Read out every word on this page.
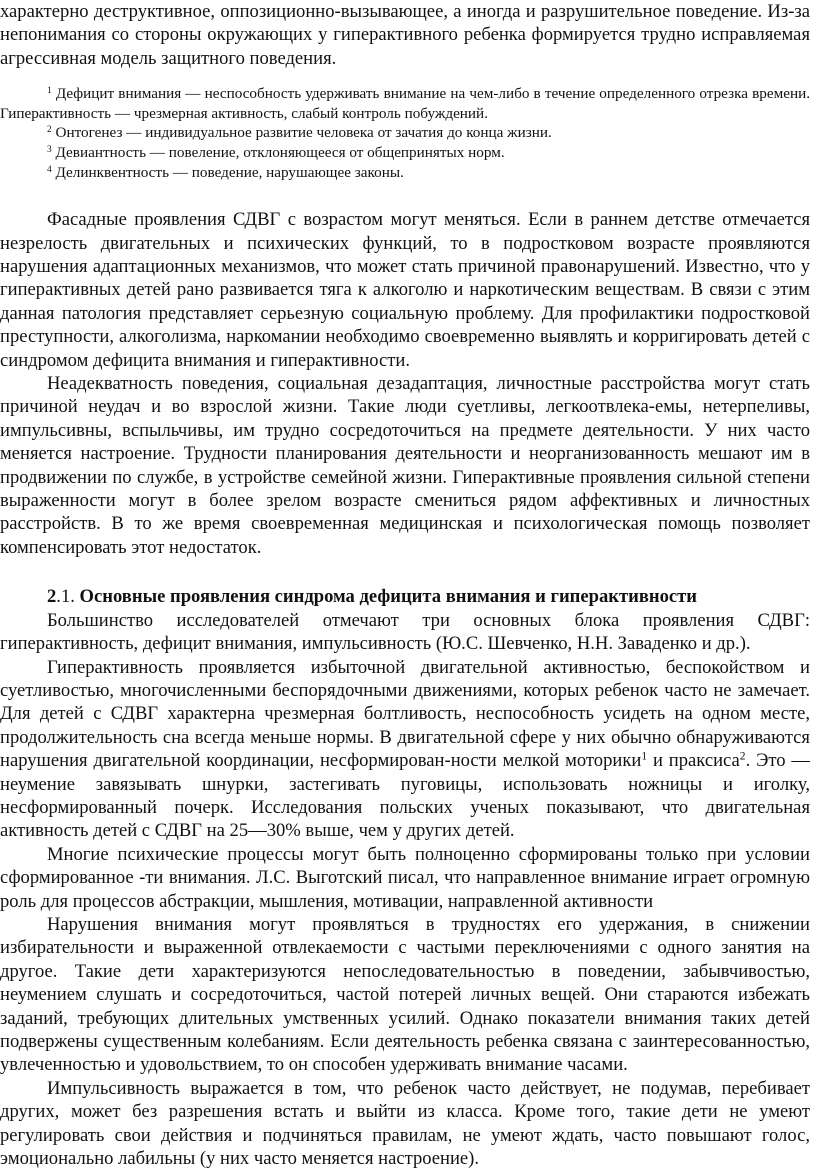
характерно деструктивное, оппозиционно-вызывающее, а иногда и разрушительное поведение. Из-за непонимания со стороны окружающих у гиперактивного ребенка формируется трудно исправляемая агрессивная модель защитного поведения.

$^1$ Дефицит внимания — неспособность удерживать внимание на чем-либо в течение определенного отрезка времени. Гиперактивность — чрезмерная активность, слабый контроль побуждений.

$^2$ Онтогенез — индивидуальное развитие человека от зачатия до конца жизни.

$^3$ Девиантность — повеление, отклоняющееся от общепринятых норм.

$^4$ Делинквентность — поведение, нарушающее законы.

Фасадные проявления СДВГ с возрастом могут меняться. Если в раннем детстве отмечается незрелость двигательных и психических функций, то в подростковом возрасте проявляются нарушения адаптационных механизмов, что может стать причиной правонарушений. Известно, что у гиперактивных детей рано развивается тяга к алкоголю и наркотическим веществам. В связи с этим данная патология представляет серьезную социальную проблему. Для профилактики подростковой преступности, алкоголизма, наркомании необходимо своевременно выявлять и корригировать детей с синдромом дефицита внимания и гиперактивности.

Неадекватность поведения, социальная дезадаптация, личностные расстройства могут стать причиной неудач и во взрослой жизни. Такие люди суетливы, легкоотвлека-емы, нетерпеливы, импульсивны, вспыльчивы, им трудно сосредоточиться на предмете деятельности. У них часто меняется настроение. Трудности планирования деятельности и неорганизованность мешают им в продвижении по службе, в устройстве семейной жизни. Гиперактивные проявления сильной степени выраженности могут в более зрелом возрасте смениться рядом аффективных и личностных расстройств. В то же время своевременная медицинская и психологическая помощь позволяет компенсировать этот недостаток.

2.1. Основные проявления синдрома дефицита внимания и гиперактивности

Большинство исследователей отмечают три основных блока проявления СДВГ: гиперактивность, дефицит внимания, импульсивность (Ю.С. Шевченко, Н.Н. Заваденко и др.).

Гиперактивность проявляется избыточной двигательной активностью, беспокойством и суетливостью, многочисленными беспорядочными движениями, которых ребенок часто не замечает. Для детей с СДВГ характерна чрезмерная болтливость, неспособность усидеть на одном месте, продолжительность сна всегда меньше нормы. В двигательной сфере у них обычно обнаруживаются нарушения двигательной координации, несформирован-ности мелкой моторики$^1$ и праксиса$^2$. Это — неумение завязывать шнурки, застегивать пуговицы, использовать ножницы и иголку, несформированный почерк. Исследования польских ученых показывают, что двигательная активность детей с СДВГ на 25—30% выше, чем у других детей.

Многие психические процессы могут быть полноценно сформированы только при условии сформированное -ти внимания. Л.С. Выготский писал, что направленное внимание играет огромную роль для процессов абстракции, мышления, мотивации, направленной активности

Нарушения внимания могут проявляться в трудностях его удержания, в снижении избирательности и выраженной отвлекаемости с частыми переключениями с одного занятия на другое. Такие дети характеризуются непоследовательностью в поведении, забывчивостью, неумением слушать и сосредоточиться, частой потерей личных вещей. Они стараются избежать заданий, требующих длительных умственных усилий. Однако показатели внимания таких детей подвержены существенным колебаниям. Если деятельность ребенка связана с заинтересованностью, увлеченностью и удовольствием, то он способен удерживать внимание часами.

Импульсивность выражается в том, что ребенок часто действует, не подумав, перебивает других, может без разрешения встать и выйти из класса. Кроме того, такие дети не умеют регулировать свои действия и подчиняться правилам, не умеют ждать, часто повышают голос, эмоционально лабильны (у них часто меняется настроение).
